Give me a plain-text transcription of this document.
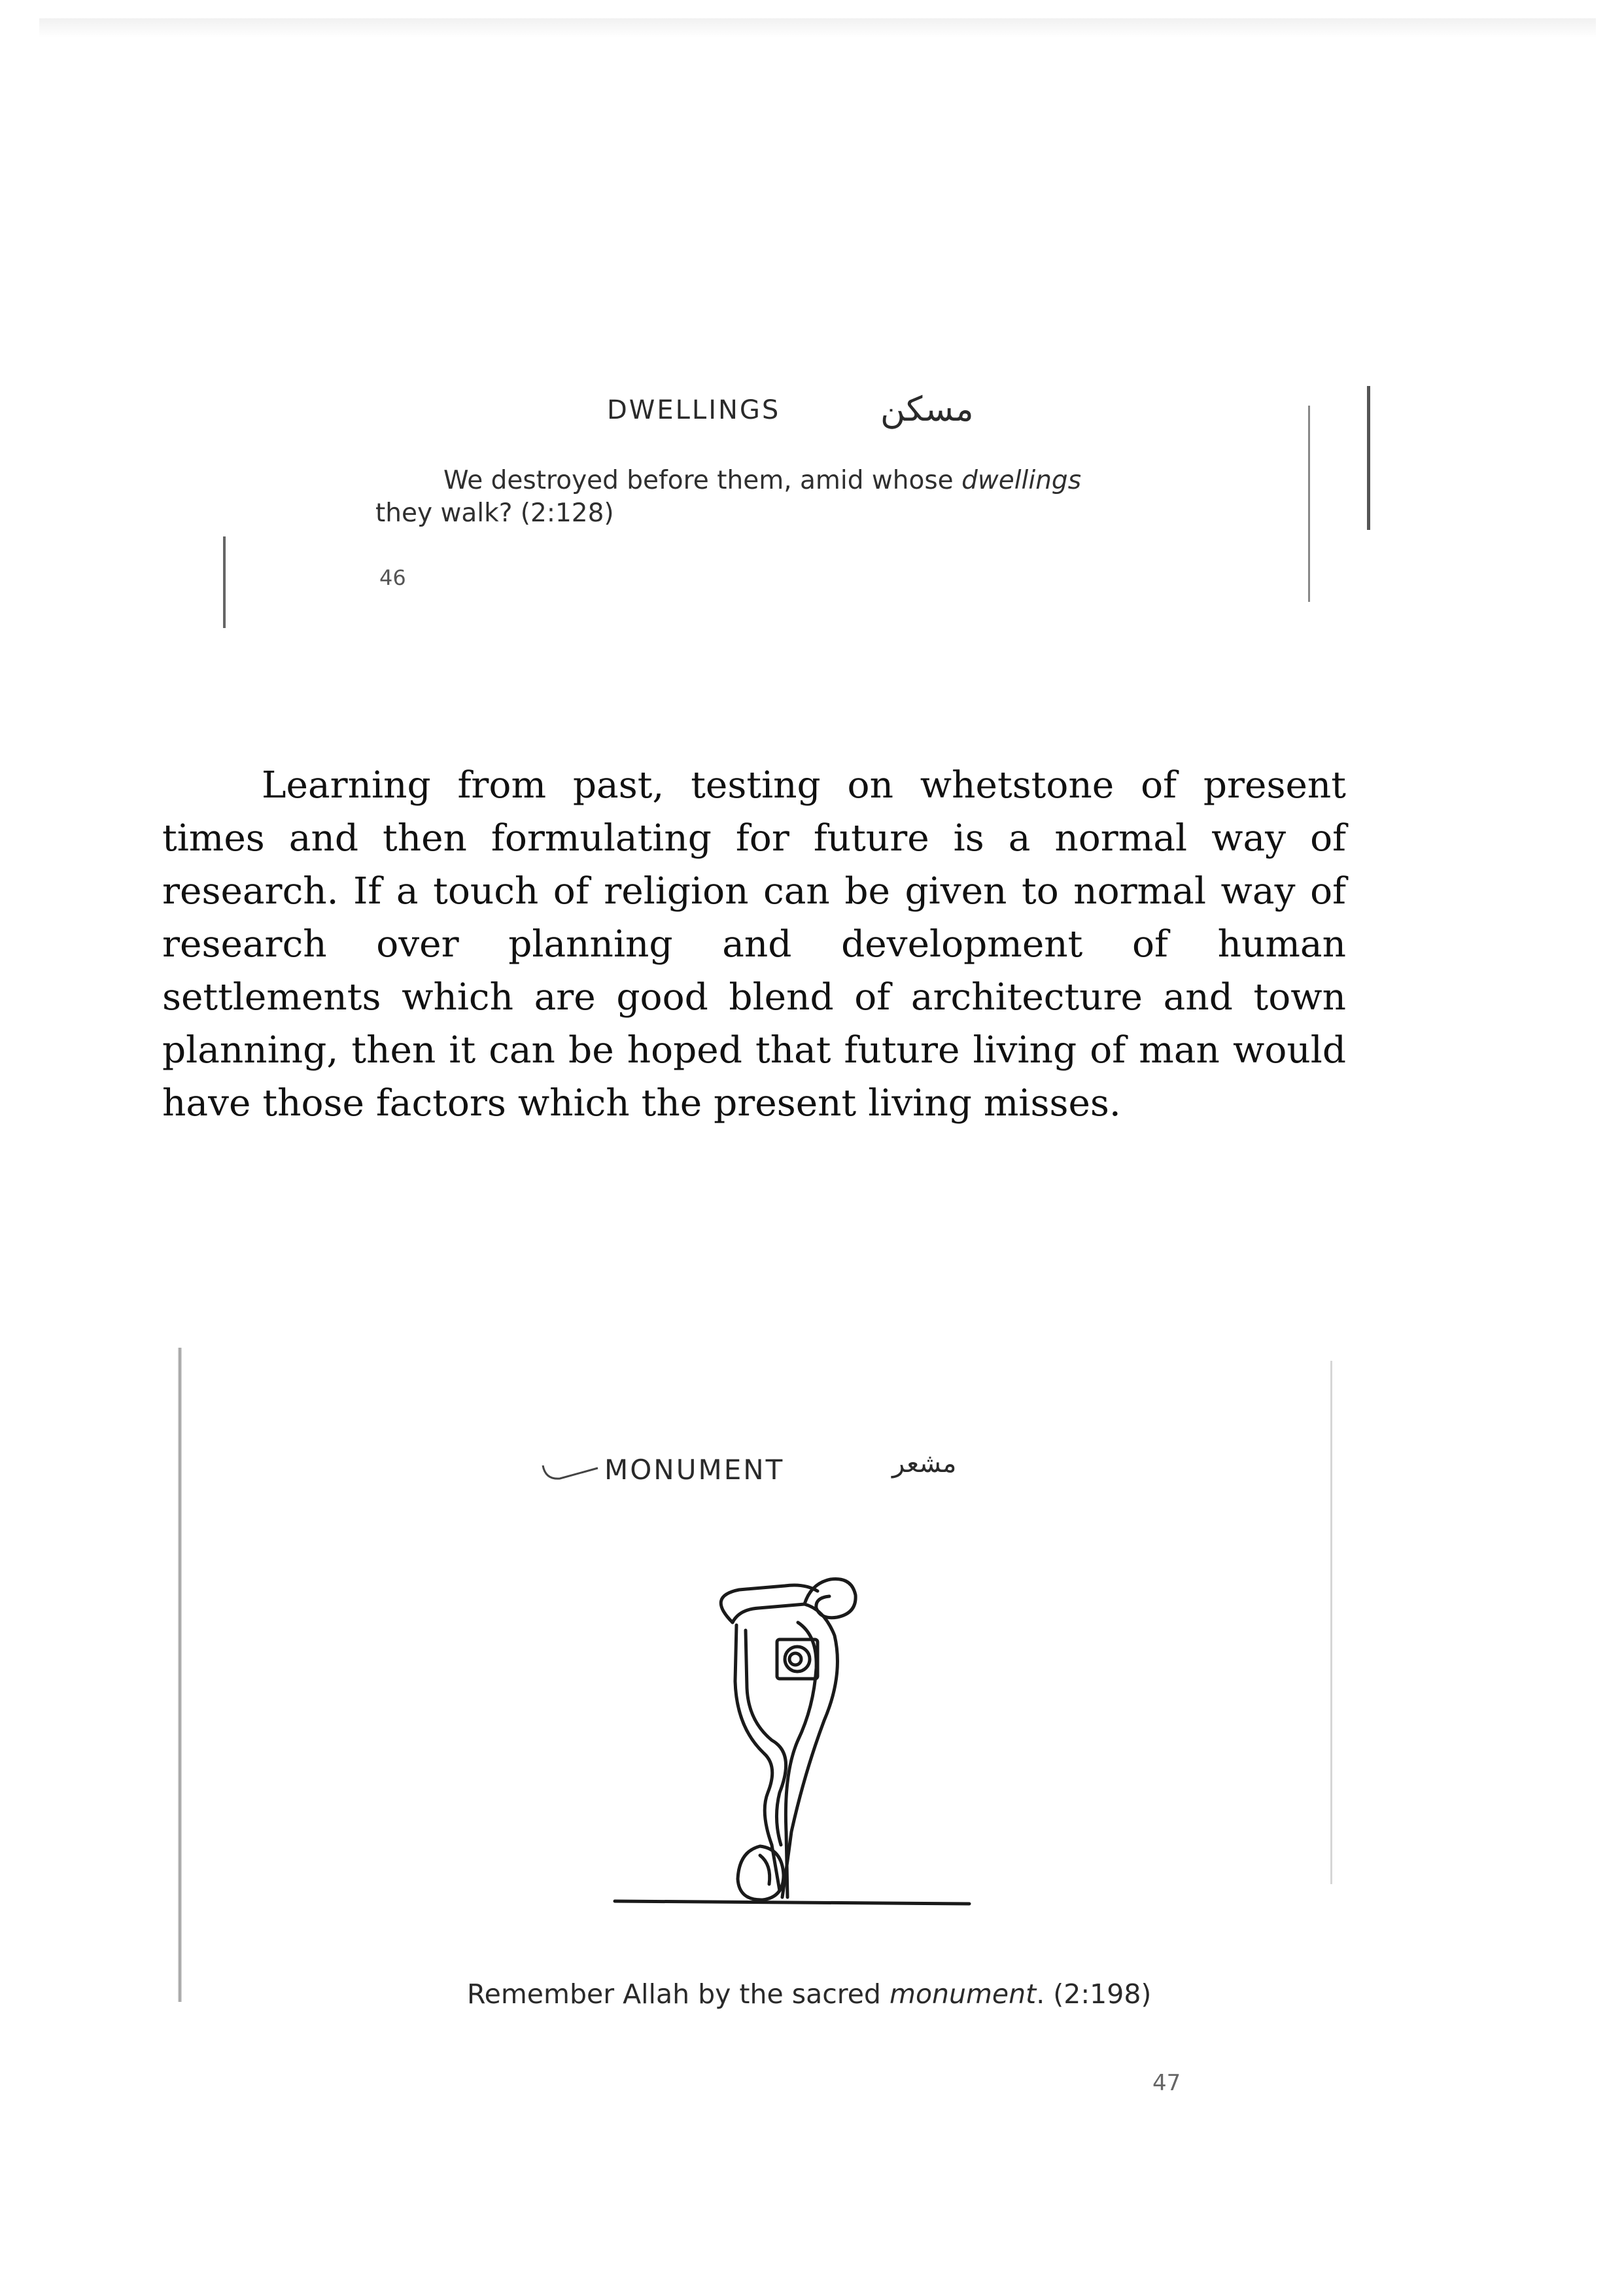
DWELLINGS	مسكن
We destroyed before them, amid whose dwellings
they walk? (2:128)
46

Learning from past, testing on whetstone of present times and then formulating for future is a normal way of research. If a touch of religion can be given to normal way of research over planning and development of human settlements which are good blend of architecture and town planning, then it can be hoped that future living of man would have those factors which the present living misses.

MONUMENT	مشعر
Remember Allah by the sacred monument. (2:198)
47
